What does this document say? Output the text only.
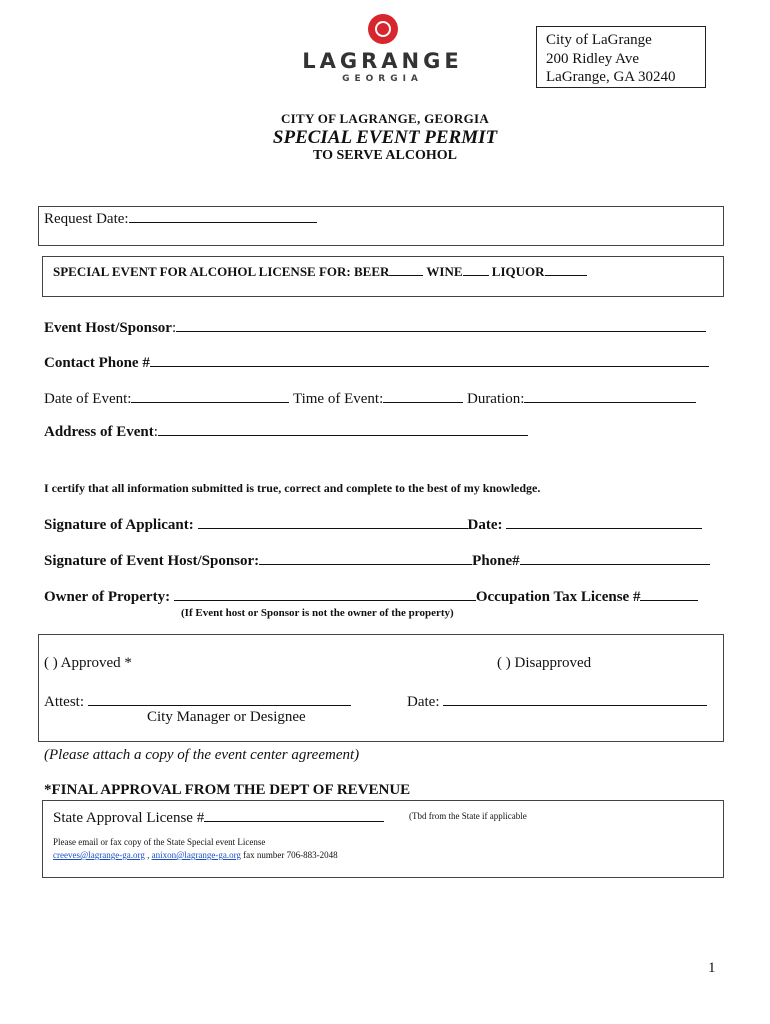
LAGRANGE
GEORGIA
City of LaGrange
200 Ridley Ave
LaGrange, GA 30240
CITY OF LAGRANGE, GEORGIA
SPECIAL EVENT PERMIT
TO SERVE ALCOHOL
Request Date:
SPECIAL EVENT FOR ALCOHOL LICENSE FOR: BEER	WINE LIQUOR
Event Host/Sponsor:
Contact Phone #
Date of Event:	Time of Event:	Duration:
Address of Event:
I certify that all information submitted is true, correct and complete to the best of my knowledge.
Signature of Applicant:	Date:
Signature of Event Host/Sponsor:	Phone#
Owner of Property:	Occupation Tax License #
(If Event host or Sponsor is not the owner of the property)
( ) Approved *	( ) Disapproved
Attest:	Date:
City Manager or Designee
(Please attach a copy of the event center agreement)
*FINAL APPROVAL FROM THE DEPT OF REVENUE
State Approval License #	(Tbd from the State if applicable
Please email or fax copy of the State Special event License
creeves@lagrange-ga.org , anixon@lagrange-ga.org fax number 706-883-2048
1
